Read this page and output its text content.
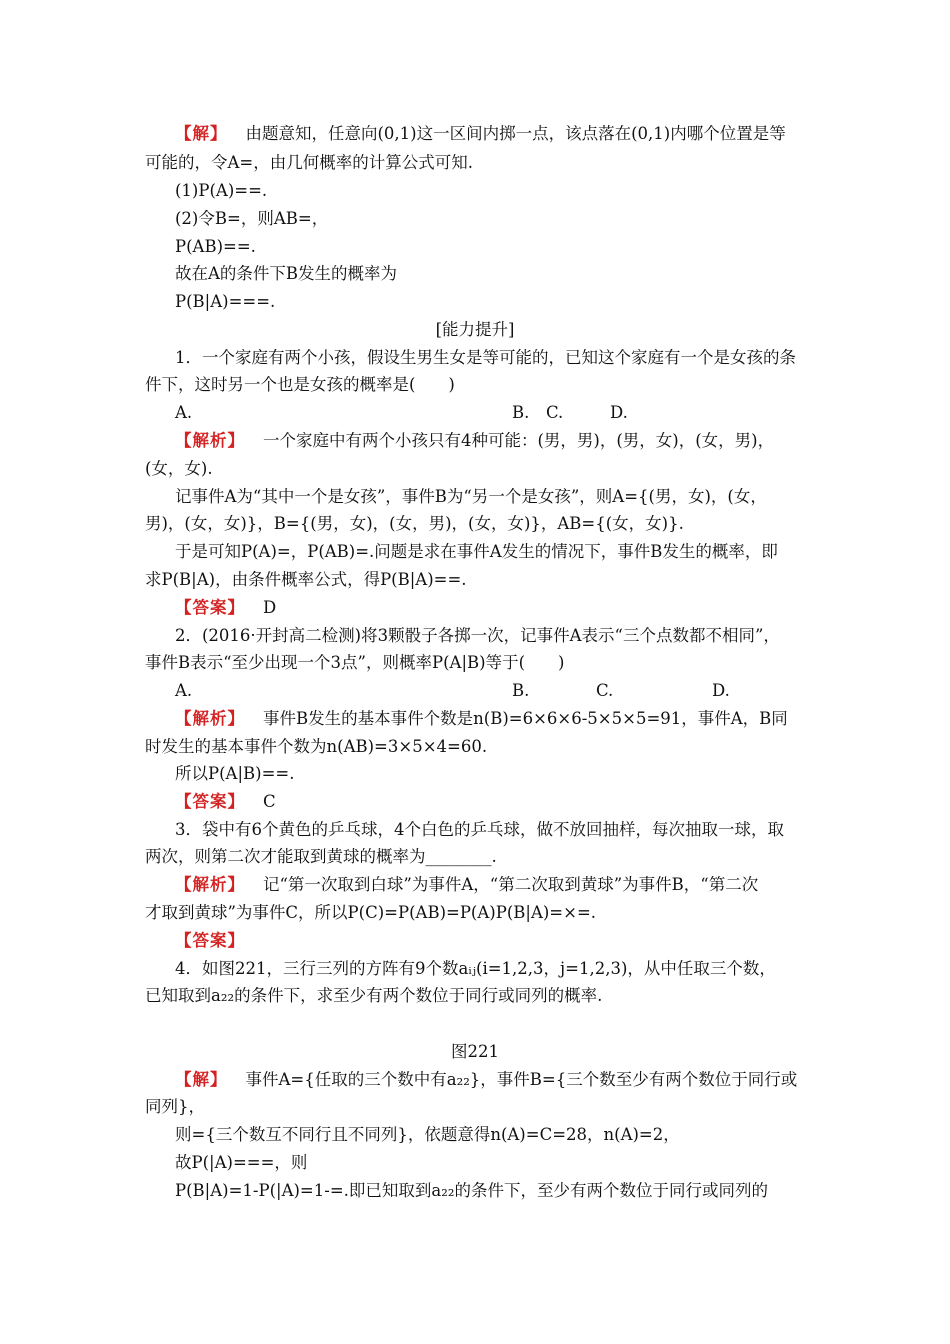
【解】 由题意知，任意向(0,1)这一区间内掷一点，该点落在(0,1)内哪个位置是等
可能的，令A=，由几何概率的计算公式可知.
(1)P(A)==.
(2)令B=，则AB=，
P(AB)==.
故在A的条件下B发生的概率为
P(B|A)===.
[能力提升]
1．一个家庭有两个小孩，假设生男生女是等可能的，已知这个家庭有一个是女孩的条
件下，这时另一个也是女孩的概率是(　　)
A.	B. C.	D.
【解析】 一个家庭中有两个小孩只有4种可能：(男，男)，(男，女)，(女，男)，
(女，女).
记事件A为“其中一个是女孩”，事件B为“另一个是女孩”，则A={(男，女)，(女，
男)，(女，女)}，B={(男，女)，(女，男)，(女，女)}，AB={(女，女)}.
于是可知P(A)=，P(AB)=.问题是求在事件A发生的情况下，事件B发生的概率，即
求P(B|A)，由条件概率公式，得P(B|A)==.
【答案】 D
2．(2016·开封高二检测)将3颗骰子各掷一次，记事件A表示“三个点数都不相同”，
事件B表示“至少出现一个3点”，则概率P(A|B)等于(　　)
A.	B.	C.	D.
【解析】 事件B发生的基本事件个数是n(B)=6×6×6-5×5×5=91，事件A，B同
时发生的基本事件个数为n(AB)=3×5×4=60.
所以P(A|B)==.
【答案】 C
3．袋中有6个黄色的乒乓球，4个白色的乒乓球，做不放回抽样，每次抽取一球，取
两次，则第二次才能取到黄球的概率为________.
【解析】 记“第一次取到白球”为事件A，“第二次取到黄球”为事件B，“第二次
才取到黄球”为事件C，所以P(C)=P(AB)=P(A)P(B|A)=×=.
【答案】
4．如图221，三行三列的方阵有9个数aᵢⱼ(i=1,2,3，j=1,2,3)，从中任取三个数，
已知取到a₂₂的条件下，求至少有两个数位于同行或同列的概率.
图221
【解】 事件A={任取的三个数中有a₂₂}，事件B={三个数至少有两个数位于同行或
同列}，
则={三个数互不同行且不同列}，依题意得n(A)=C=28，n(A)=2，
故P(|A)===，则
P(B|A)=1-P(|A)=1-=.即已知取到a₂₂的条件下，至少有两个数位于同行或同列的
